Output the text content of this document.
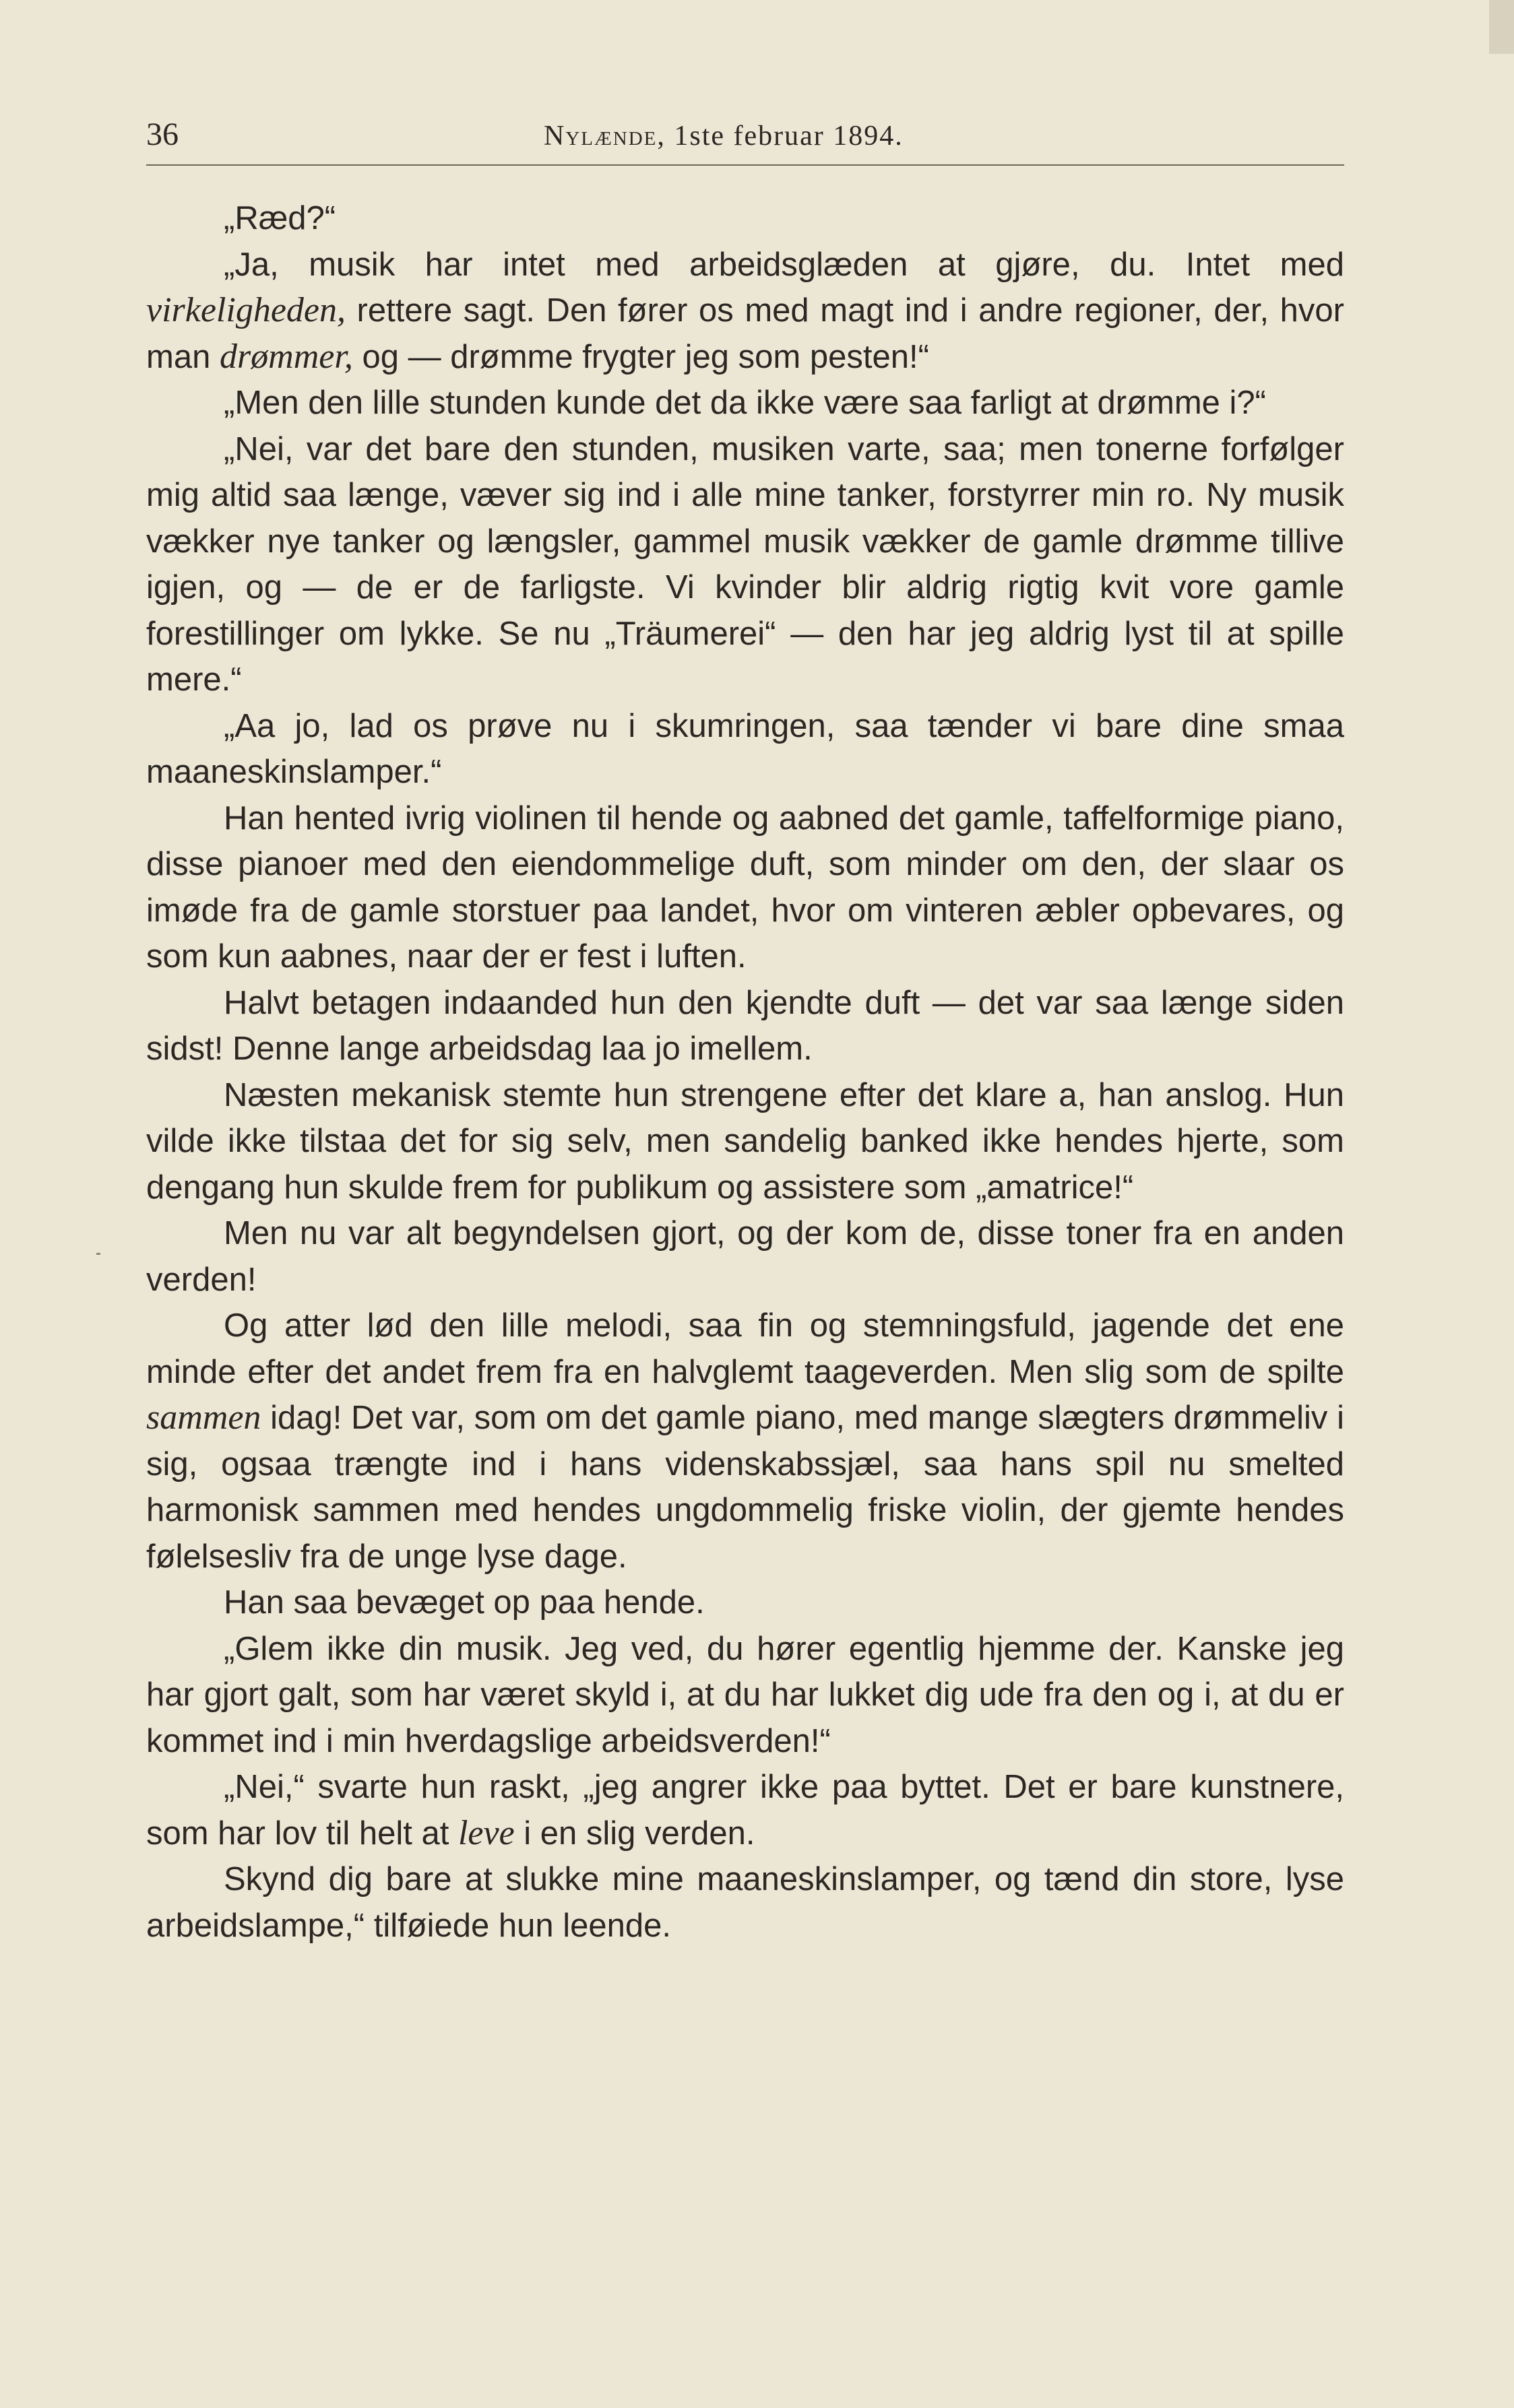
36	Nylænde, 1ste februar 1894.

„Ræd?“

„Ja, musik har intet med arbeidsglæden at gjøre, du. Intet med virkeligheden, rettere sagt. Den fører os med magt ind i andre regioner, der, hvor man drømmer, og — drømme frygter jeg som pesten!“

„Men den lille stunden kunde det da ikke være saa farligt at drømme i?“

„Nei, var det bare den stunden, musiken varte, saa; men tonerne forfølger mig altid saa længe, væver sig ind i alle mine tanker, forstyrrer min ro. Ny musik vækker nye tanker og længsler, gammel musik vækker de gamle drømme tillive igjen, og — de er de farligste. Vi kvinder blir aldrig rigtig kvit vore gamle forestillinger om lykke. Se nu „Träumerei“ — den har jeg aldrig lyst til at spille mere.“

„Aa jo, lad os prøve nu i skumringen, saa tænder vi bare dine smaa maaneskinslamper.“

Han hented ivrig violinen til hende og aabned det gamle, taffelformige piano, disse pianoer med den eiendommelige duft, som minder om den, der slaar os imøde fra de gamle storstuer paa landet, hvor om vinteren æbler opbevares, og som kun aabnes, naar der er fest i luften.

Halvt betagen indaanded hun den kjendte duft — det var saa længe siden sidst! Denne lange arbeidsdag laa jo imellem.

Næsten mekanisk stemte hun strengene efter det klare a, han anslog. Hun vilde ikke tilstaa det for sig selv, men sandelig banked ikke hendes hjerte, som dengang hun skulde frem for publikum og assistere som „amatrice!“

Men nu var alt begyndelsen gjort, og der kom de, disse toner fra en anden verden!

Og atter lød den lille melodi, saa fin og stemningsfuld, jagende det ene minde efter det andet frem fra en halvglemt taageverden. Men slig som de spilte sammen idag! Det var, som om det gamle piano, med mange slægters drømmeliv i sig, ogsaa trængte ind i hans videnskabssjæl, saa hans spil nu smelted harmonisk sammen med hendes ungdommelig friske violin, der gjemte hendes følelsesliv fra de unge lyse dage.

Han saa bevæget op paa hende.

„Glem ikke din musik. Jeg ved, du hører egentlig hjemme der. Kanske jeg har gjort galt, som har været skyld i, at du har lukket dig ude fra den og i, at du er kommet ind i min hverdagslige arbeidsverden!“

„Nei,“ svarte hun raskt, „jeg angrer ikke paa byttet. Det er bare kunstnere, som har lov til helt at leve i en slig verden.

Skynd dig bare at slukke mine maaneskinslamper, og tænd din store, lyse arbeidslampe,“ tilføiede hun leende.
